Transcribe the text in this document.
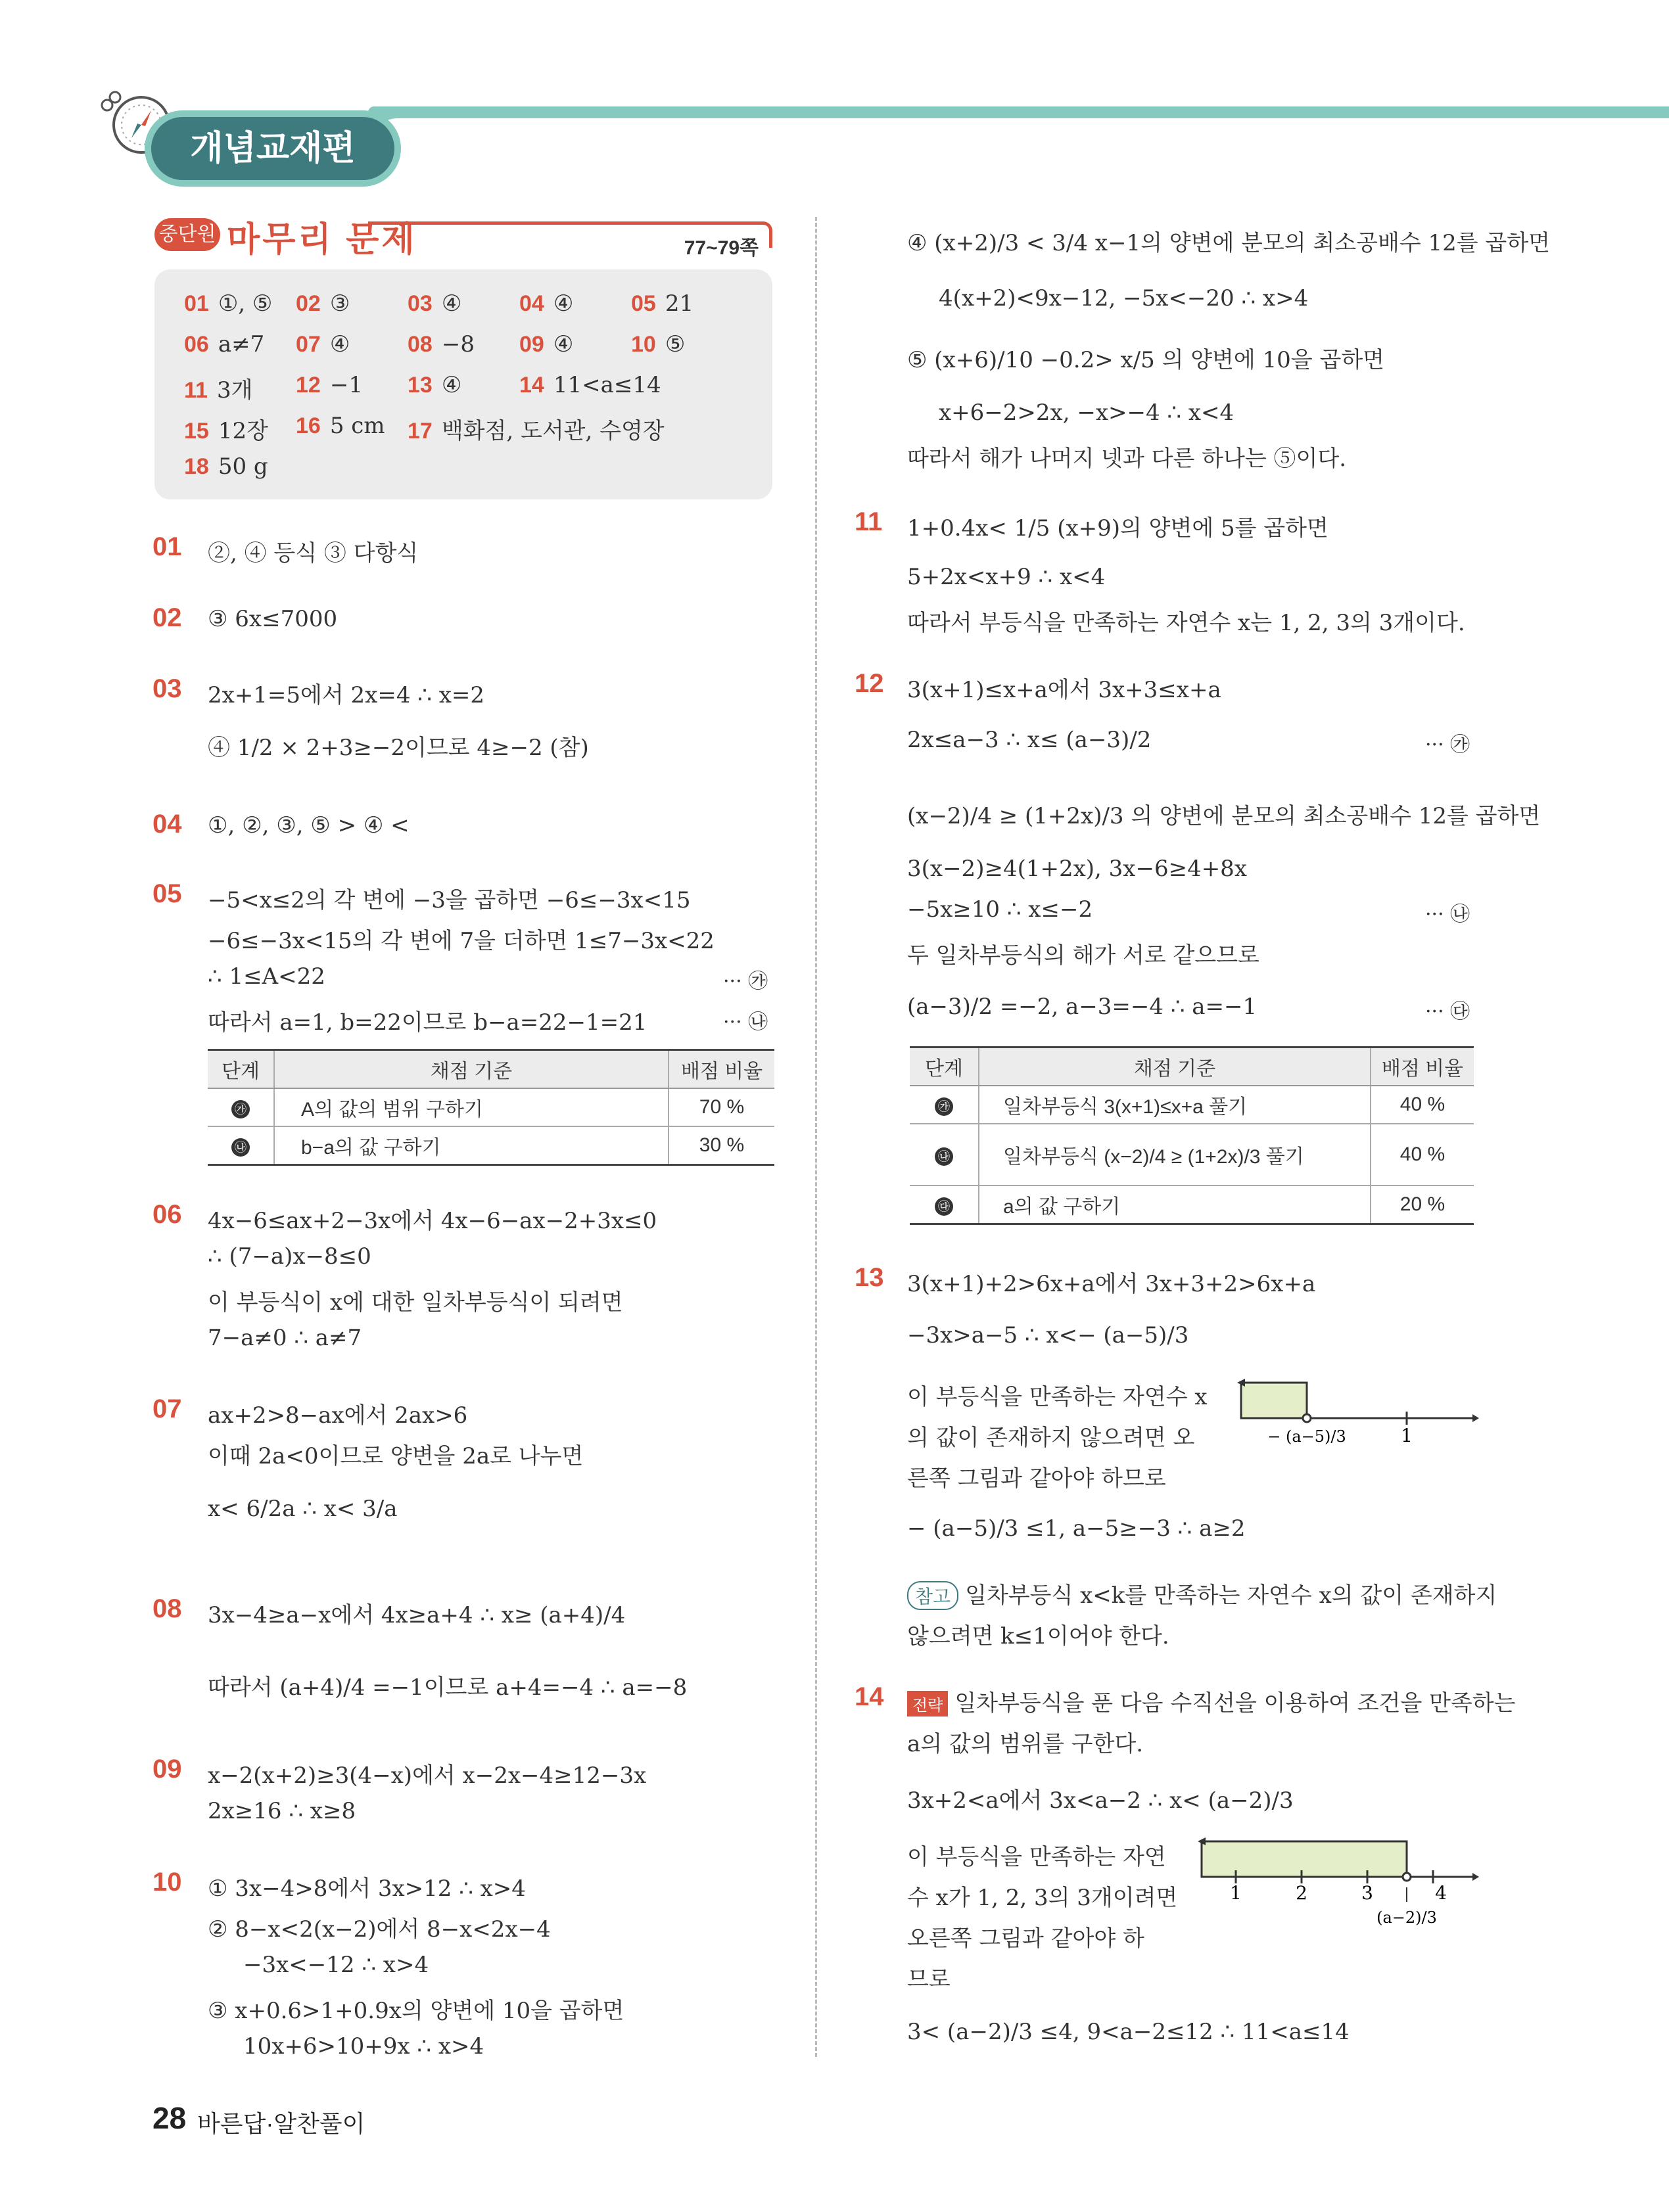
개념교재편
중단원 마무리 문제	77~79쪽
01 ①, ⑤ 02 ③	03 ④	04 ④	05 21
06 a≠7 07 ④	08 −8 09 ④	10 ⑤
11 3개 12 −1 13 ④	14 11<a≤14
15 12장 16 5 cm 17 백화점, 도서관, 수영장
18 50 g
01 ②, ④ 등식 ③ 다항식
02 ③ 6x≤7000
03 2x+1=5에서 2x=4 ∴ x=2
④ 1/2 × 2+3≥−2이므로 4≥−2 (참)
04 ①, ②, ③, ⑤ > ④ <
05 −5<x≤2의 각 변에 −3을 곱하면 −6≤−3x<15
−6≤−3x<15의 각 변에 7을 더하면 1≤7−3x<22
∴ 1≤A<22	··· ㉮
따라서 a=1, b=22이므로 b−a=22−1=21	··· ㉯
단계	채점 기준	배점 비율
㉮	A의 값의 범위 구하기	70 %
㉯	b−a의 값 구하기	30 %
06 4x−6≤ax+2−3x에서 4x−6−ax−2+3x≤0
∴ (7−a)x−8≤0
이 부등식이 x에 대한 일차부등식이 되려면
7−a≠0 ∴ a≠7
07 ax+2>8−ax에서 2ax>6
이때 2a<0이므로 양변을 2a로 나누면
x< 6/2a ∴ x< 3/a
08 3x−4≥a−x에서 4x≥a+4 ∴ x≥ (a+4)/4
따라서 (a+4)/4 =−1이므로 a+4=−4 ∴ a=−8
09 x−2(x+2)≥3(4−x)에서 x−2x−4≥12−3x
2x≥16 ∴ x≥8
10 ① 3x−4>8에서 3x>12 ∴ x>4
② 8−x<2(x−2)에서 8−x<2x−4
−3x<−12 ∴ x>4
③ x+0.6>1+0.9x의 양변에 10을 곱하면
10x+6>10+9x ∴ x>4
④ (x+2)/3 < 3/4 x−1의 양변에 분모의 최소공배수 12를 곱하면
4(x+2)<9x−12, −5x<−20 ∴ x>4
⑤ (x+6)/10 −0.2> x/5 의 양변에 10을 곱하면
x+6−2>2x, −x>−4 ∴ x<4
따라서 해가 나머지 넷과 다른 하나는 ⑤이다.
11 1+0.4x< 1/5 (x+9)의 양변에 5를 곱하면
5+2x<x+9 ∴ x<4
따라서 부등식을 만족하는 자연수 x는 1, 2, 3의 3개이다.
12 3(x+1)≤x+a에서 3x+3≤x+a
2x≤a−3 ∴ x≤ (a−3)/2	··· ㉮
(x−2)/4 ≥ (1+2x)/3 의 양변에 분모의 최소공배수 12를 곱하면
3(x−2)≥4(1+2x), 3x−6≥4+8x
−5x≥10 ∴ x≤−2	··· ㉯
두 일차부등식의 해가 서로 같으므로
(a−3)/2 =−2, a−3=−4 ∴ a=−1	··· ㉰
단계	채점 기준	배점 비율
㉮	일차부등식 3(x+1)≤x+a 풀기	40 %
㉯	일차부등식 (x−2)/4 ≥ (1+2x)/3 풀기	40 %
㉰	a의 값 구하기	20 %
13 3(x+1)+2>6x+a에서 3x+3+2>6x+a
−3x>a−5 ∴ x<− (a−5)/3
이 부등식을 만족하는 자연수 x
의 값이 존재하지 않으려면 오
른쪽 그림과 같아야 하므로
1
− (a−5)/3
− (a−5)/3 ≤1, a−5≥−3 ∴ a≥2
참고 일차부등식 x<k를 만족하는 자연수 x의 값이 존재하지
않으려면 k≤1이어야 한다.
14	전략 일차부등식을 푼 다음 수직선을 이용하여 조건을 만족하는
a의 값의 범위를 구한다.
3x+2<a에서 3x<a−2 ∴ x< (a−2)/3
이 부등식을 만족하는 자연
수 x가 1, 2, 3의 3개이려면
오른쪽 그림과 같아야 하
므로
1	2	3	4
(a−2)/3
3< (a−2)/3 ≤4, 9<a−2≤12 ∴ 11<a≤14
28 바른답·알찬풀이
